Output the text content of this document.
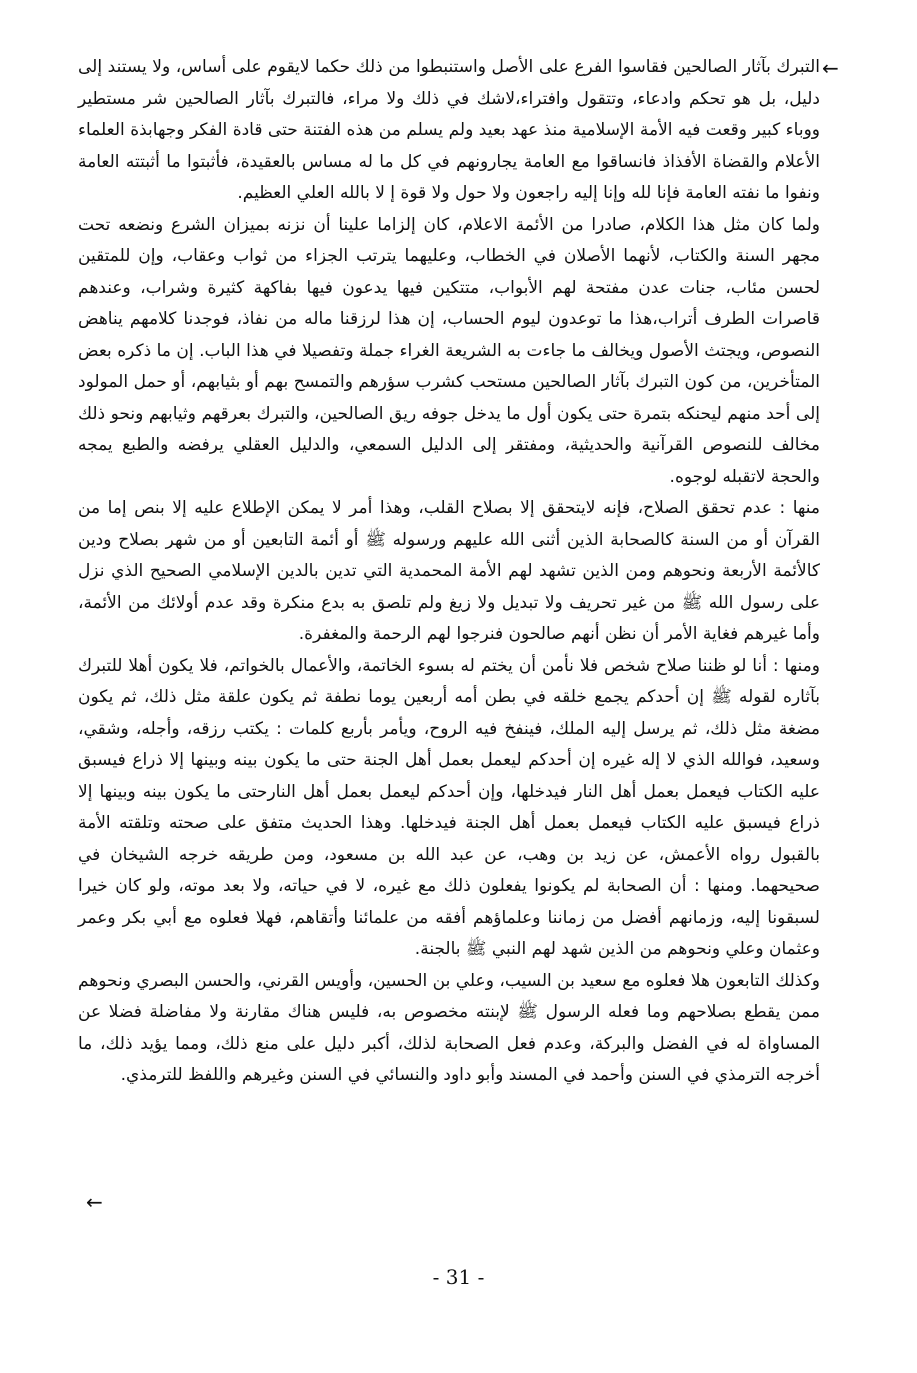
←

التبرك بآثار الصالحين فقاسوا الفرع على الأصل واستنبطوا من ذلك حكما لايقوم على أساس، ولا يستند إلى دليل، بل هو تحكم وادعاء، وتتقول وافتراء،لاشك في ذلك ولا مراء، فالتبرك بآثار الصالحين شر مستطير ووباء كبير وقعت فيه الأمة الإسلامية منذ عهد بعيد ولم يسلم من هذه الفتنة حتى قادة الفكر وجهابذة العلماء الأعلام والقضاة الأفذاذ فانساقوا مع العامة يجارونهم في كل ما له مساس بالعقيدة، فأثبتوا ما أثبتته العامة ونفوا ما نفته العامة فإنا لله وإنا إليه راجعون ولا حول ولا قوة إ لا بالله العلي العظيم.

ولما كان مثل هذا الكلام، صادرا من الأئمة الاعلام، كان إلزاما علينا أن نزنه بميزان الشرع ونضعه تحت مجهر السنة والكتاب، لأنهما الأصلان في الخطاب، وعليهما يترتب الجزاء من ثواب وعقاب، وإن للمتقين لحسن مئاب، جنات عدن مفتحة لهم الأبواب، متتكين فيها يدعون فيها بفاكهة كثيرة وشراب، وعندهم قاصرات الطرف أتراب،هذا ما توعدون ليوم الحساب، إن هذا لرزقنا ماله من نفاذ، فوجدنا كلامهم يناهض النصوص، ويجتث الأصول ويخالف ما جاءت به الشريعة الغراء جملة وتفصيلا في هذا الباب. إن ما ذكره بعض المتأخرين، من كون التبرك بآثار الصالحين مستحب كشرب سؤرهم والتمسح بهم أو بثيابهم، أو حمل المولود إلى أحد منهم ليحنكه بتمرة حتى يكون أول ما يدخل جوفه ريق الصالحين، والتبرك بعرقهم وثيابهم ونحو ذلك مخالف للنصوص القرآنية والحديثية، ومفتقر إلى الدليل السمعي، والدليل العقلي يرفضه والطبع يمجه والحجة لاتقبله لوجوه.

منها : عدم تحقق الصلاح، فإنه لايتحقق إلا بصلاح القلب، وهذا أمر لا يمكن الإطلاع عليه إلا بنص إما من القرآن أو من السنة كالصحابة الذين أثنى الله عليهم ورسوله ﷺ أو أئمة التابعين أو من شهر بصلاح ودين كالأئمة الأربعة ونحوهم ومن الذين تشهد لهم الأمة المحمدية التي تدين بالدين الإسلامي الصحيح الذي نزل على رسول الله ﷺ من غير تحريف ولا تبديل ولا زيغ ولم تلصق به بدع منكرة وقد عدم أولائك من الأئمة، وأما غيرهم فغاية الأمر أن نظن أنهم صالحون فنرجوا لهم الرحمة والمغفرة.

ومنها : أنا لو ظننا صلاح شخص فلا نأمن أن يختم له بسوء الخاتمة، والأعمال بالخواتم، فلا يكون أهلا للتبرك بآثاره لقوله ﷺ إن أحدكم يجمع خلقه في بطن أمه أربعين يوما نطفة ثم يكون علقة مثل ذلك، ثم يكون مضغة مثل ذلك، ثم يرسل إليه الملك، فينفخ فيه الروح، ويأمر بأربع كلمات : يكتب رزقه، وأجله، وشقي، وسعيد، فوالله الذي لا إله غيره إن أحدكم ليعمل بعمل أهل الجنة حتى ما يكون بينه وبينها إلا ذراع فيسبق عليه الكتاب فيعمل بعمل أهل النار فيدخلها، وإن أحدكم ليعمل بعمل أهل النارحتى ما يكون بينه وبينها إلا ذراع فيسبق عليه الكتاب فيعمل بعمل أهل الجنة فيدخلها. وهذا الحديث متفق على صحته وتلقته الأمة بالقبول رواه الأعمش، عن زيد بن وهب، عن عبد الله بن مسعود، ومن طريقه خرجه الشيخان في صحيحهما. ومنها : أن الصحابة لم يكونوا يفعلون ذلك مع غيره، لا في حياته، ولا بعد موته، ولو كان خيرا لسبقونا إليه، وزمانهم أفضل من زماننا وعلماؤهم أفقه من علمائنا وأتقاهم، فهلا فعلوه مع أبي بكر وعمر وعثمان وعلي ونحوهم من الذين شهد لهم النبي ﷺ بالجنة.

وكذلك التابعون هلا فعلوه مع سعيد بن السيب، وعلي بن الحسين، وأويس القرني، والحسن البصري ونحوهم ممن يقطع بصلاحهم وما فعله الرسول ﷺ لإبنته مخصوص به، فليس هناك مقارنة ولا مفاضلة فضلا عن المساواة له في الفضل والبركة، وعدم فعل الصحابة لذلك، أكبر دليل على منع ذلك، ومما يؤيد ذلك، ما أخرجه الترمذي في السنن وأحمد في المسند وأبو داود والنسائي في السنن وغيرهم واللفظ للترمذي.

←
- 31 -
